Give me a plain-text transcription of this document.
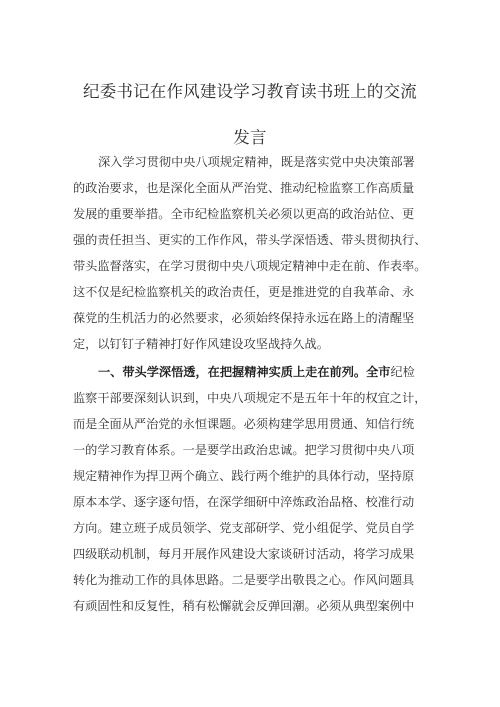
纪委书记在作风建设学习教育读书班上的交流
发言
深入学习贯彻中央八项规定精神，既是落实党中央决策部署
的政治要求，也是深化全面从严治党、推动纪检监察工作高质量
发展的重要举措。全市纪检监察机关必须以更高的政治站位、更
强的责任担当、更实的工作作风，带头学深悟透、带头贯彻执行、
带头监督落实，在学习贯彻中央八项规定精神中走在前、作表率。
这不仅是纪检监察机关的政治责任，更是推进党的自我革命、永
葆党的生机活力的必然要求，必须始终保持永远在路上的清醒坚
定，以钉钉子精神打好作风建设攻坚战持久战。
一、带头学深悟透，在把握精神实质上走在前列。全市纪检
监察干部要深刻认识到，中央八项规定不是五年十年的权宜之计，
而是全面从严治党的永恒课题。必须构建学思用贯通、知信行统
一的学习教育体系。一是要学出政治忠诚。把学习贯彻中央八项
规定精神作为捍卫两个确立、践行两个维护的具体行动，坚持原
原本本学、逐字逐句悟，在深学细研中淬炼政治品格、校准行动
方向。建立班子成员领学、党支部研学、党小组促学、党员自学
四级联动机制，每月开展作风建设大家谈研讨活动，将学习成果
转化为推动工作的具体思路。二是要学出敬畏之心。作风问题具
有顽固性和反复性，稍有松懈就会反弹回潮。必须从典型案例中
